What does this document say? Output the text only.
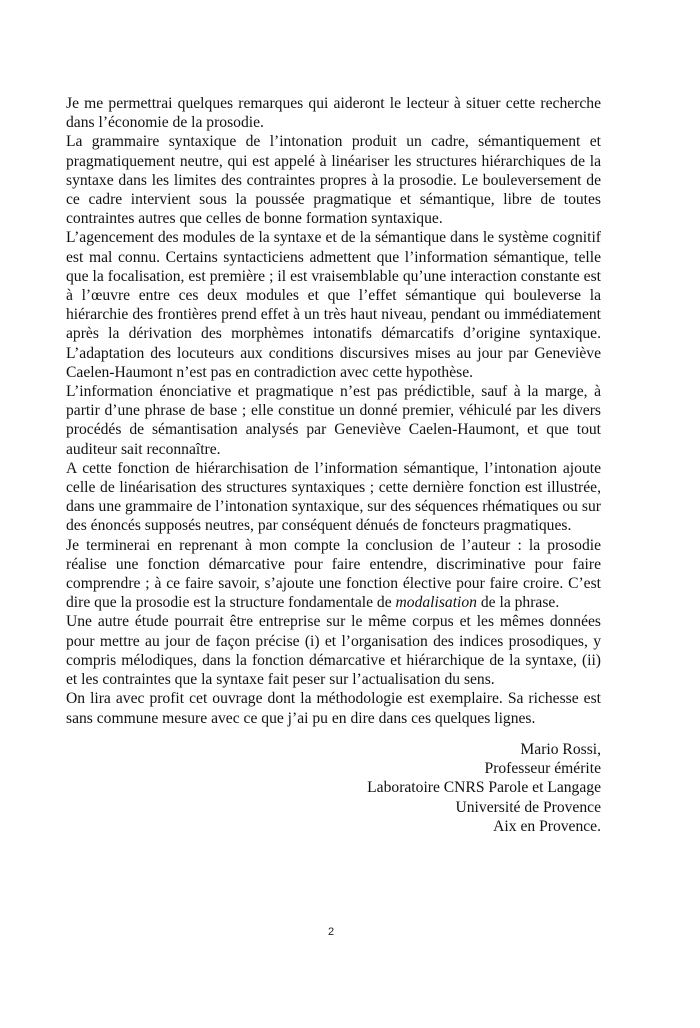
Je me permettrai quelques remarques qui aideront le lecteur à situer cette recherche dans l’économie de la prosodie.

La grammaire syntaxique de l’intonation produit un cadre, sémantiquement et pragmatiquement neutre, qui est appelé à linéariser les structures hiérarchiques de la syntaxe dans les limites des contraintes propres à la prosodie. Le bouleversement de ce cadre intervient sous la poussée pragmatique et sémantique, libre de toutes contraintes autres que celles de bonne formation syntaxique.

L’agencement des modules de la syntaxe et de la sémantique dans le système cognitif est mal connu. Certains syntacticiens admettent que l’information sémantique, telle que la focalisation, est première ; il est vraisemblable qu’une interaction constante est à l’œuvre entre ces deux modules et que l’effet sémantique qui bouleverse la hiérarchie des frontières prend effet à un très haut niveau, pendant ou immédiatement après la dérivation des morphèmes intonatifs démarcatifs d’origine syntaxique. L’adaptation des locuteurs aux conditions discursives mises au jour par Geneviève Caelen-Haumont n’est pas en contradiction avec cette hypothèse.

L’information énonciative et pragmatique n’est pas prédictible, sauf à la marge, à partir d’une phrase de base ; elle constitue un donné premier, véhiculé par les divers procédés de sémantisation analysés par Geneviève Caelen-Haumont, et que tout auditeur sait reconnaître.

A cette fonction de hiérarchisation de l’information sémantique, l’intonation ajoute celle de linéarisation des structures syntaxiques ; cette dernière fonction est illustrée, dans une grammaire de l’intonation syntaxique, sur des séquences rhématiques ou sur des énoncés supposés neutres, par conséquent dénués de foncteurs pragmatiques.

Je terminerai en reprenant à mon compte la conclusion de l’auteur : la prosodie réalise une fonction démarcative pour faire entendre, discriminative pour faire comprendre ; à ce faire savoir, s’ajoute une fonction élective pour faire croire. C’est dire que la prosodie est la structure fondamentale de modalisation de la phrase.

Une autre étude pourrait être entreprise sur le même corpus et les mêmes données pour mettre au jour de façon précise (i) et l’organisation des indices prosodiques, y compris mélodiques, dans la fonction démarcative et hiérarchique de la syntaxe, (ii) et les contraintes que la syntaxe fait peser sur l’actualisation du sens.

On lira avec profit cet ouvrage dont la méthodologie est exemplaire. Sa richesse est sans commune mesure avec ce que j’ai pu en dire dans ces quelques lignes.

Mario Rossi,
Professeur émérite
Laboratoire CNRS Parole et Langage
Université de Provence
Aix en Provence.
2
